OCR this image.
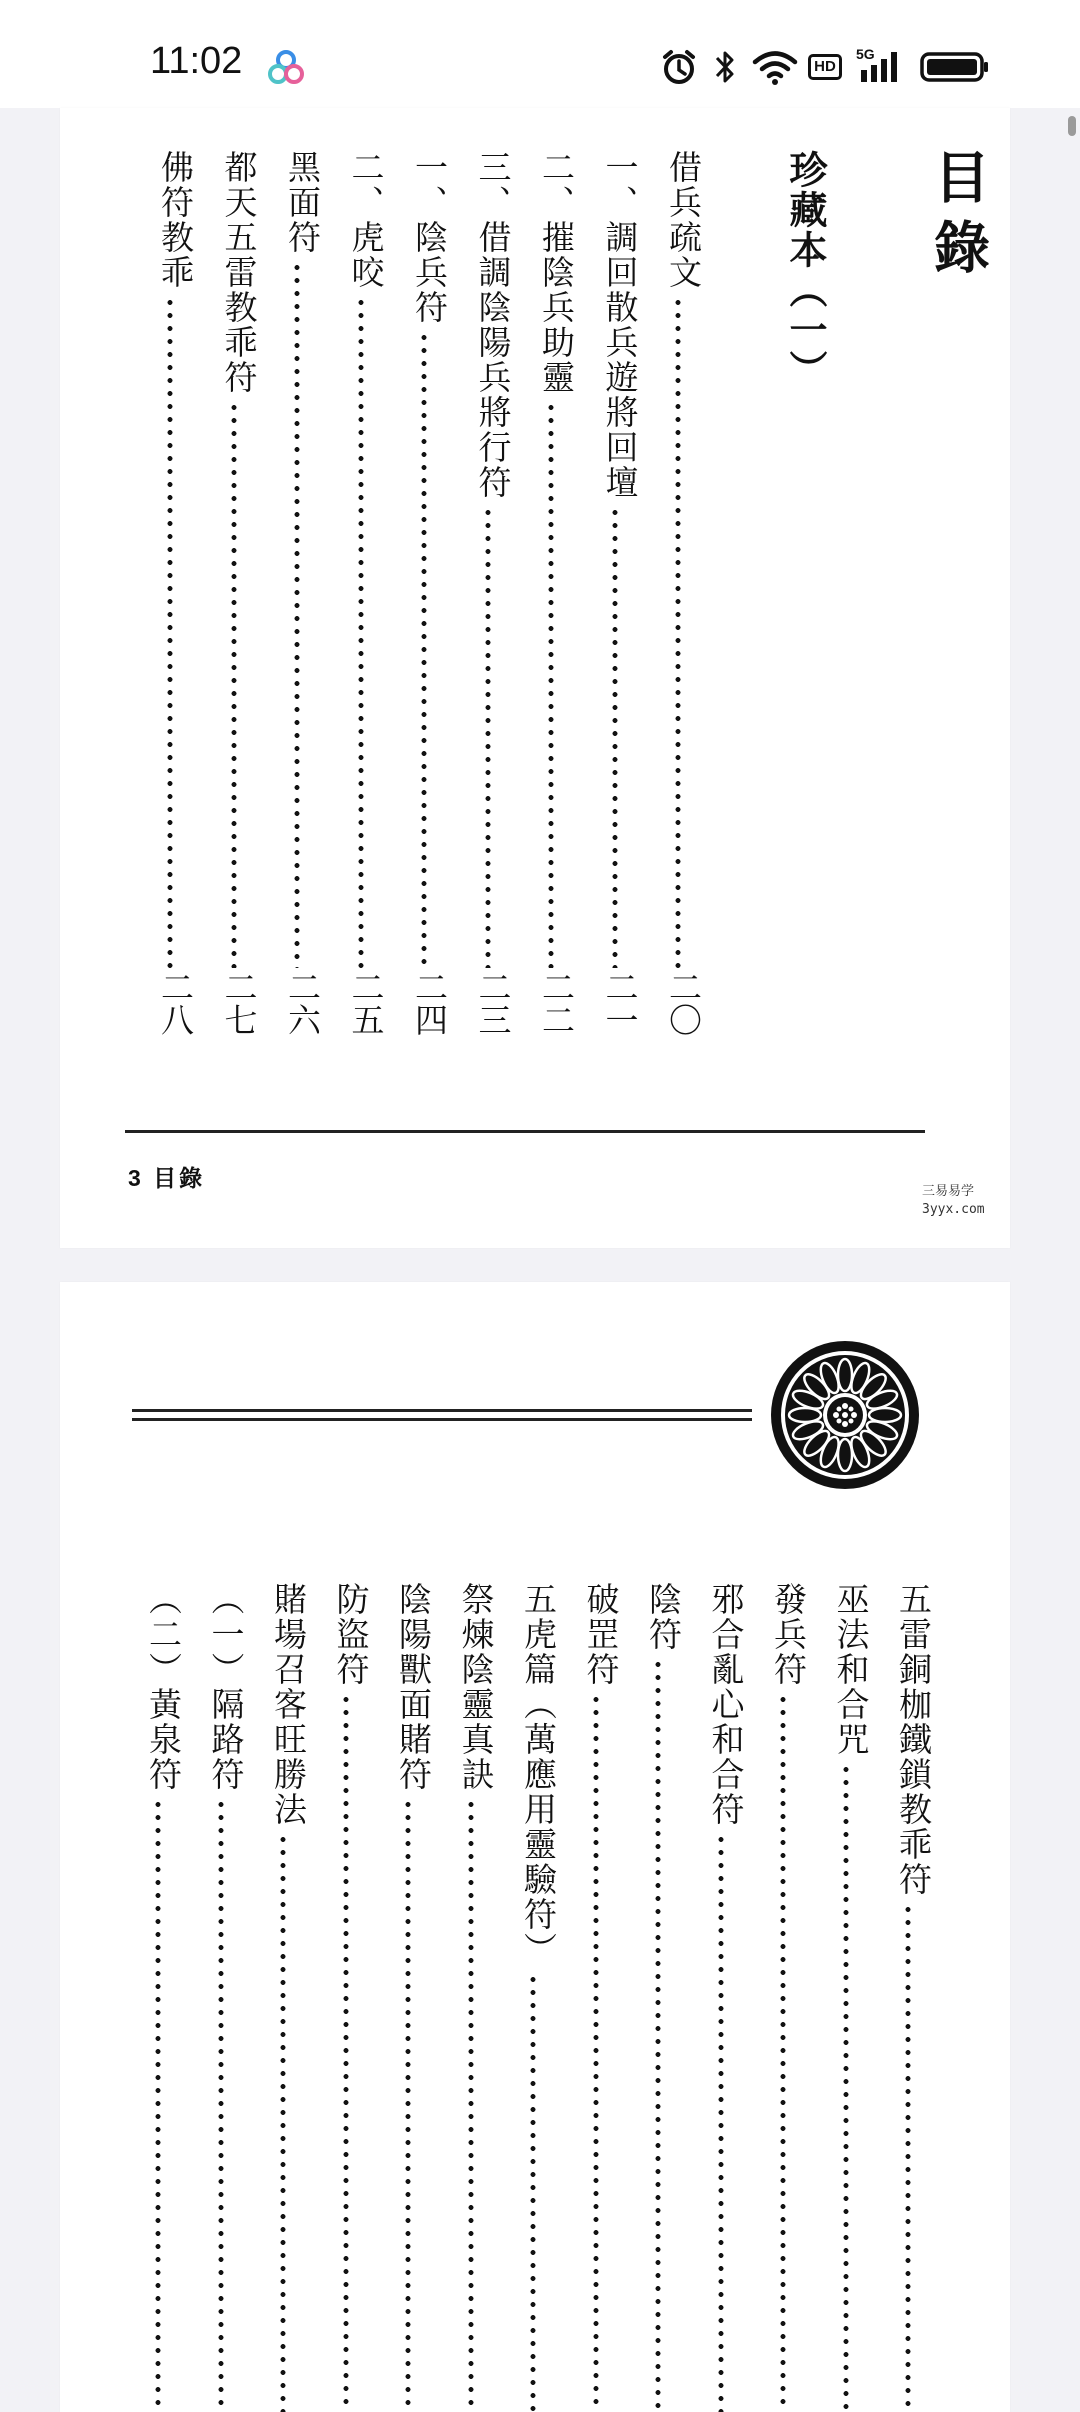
11:02	HD
5G
目錄
珍藏本（一）
借兵疏文
二〇
一、調回散兵遊將回壇
二一
二、摧陰兵助靈
二二
三、借調陰陽兵將行符
二三
一、陰兵符
二四
二、虎咬
二五
黑面符
二六
都天五雷教乖符
二七
佛符教乖
二八
3 目錄
三易易学
3yyx.com
五雷銅枷鐵鎖教乖符
巫法和合咒
發兵符
邪合亂心和合符
陰符
破罡符
五虎篇（萬應用靈驗符）
祭煉陰靈真訣
陰陽獸面賭符
防盜符
賭場召客旺勝法
（一）隔路符
（二）黃泉符
